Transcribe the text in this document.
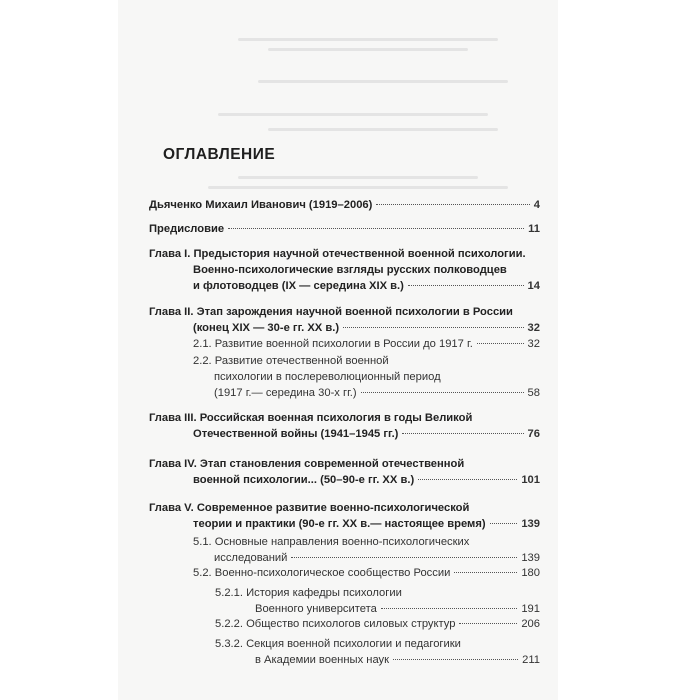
ОГЛАВЛЕНИЕ
Дьяченко Михаил Иванович (1919–2006)	4
Предисловие	11
Глава I. Предыстория научной отечественной военной психологии.
Военно-психологические взгляды русских полководцев
и флотоводцев (IX — середина XIX в.)	14
Глава II. Этап зарождения научной военной психологии в России
(конец XIX — 30-е гг. XX в.)	32
2.1. Развитие военной психологии в России до 1917 г.	32
2.2. Развитие отечественной военной
психологии в послереволюционный период
(1917 г.— середина 30-х гг.)	58
Глава III. Российская военная психология в годы Великой
Отечественной войны (1941–1945 гг.)	76
Глава IV. Этап становления современной отечественной
военной психологии... (50–90-е гг. XX в.)	101
Глава V. Современное развитие военно-психологической
теории и практики (90-е гг. XX в.— настоящее время)	139
5.1. Основные направления военно-психологических
исследований	139
5.2. Военно-психологическое сообщество России	180
5.2.1. История кафедры психологии
Военного университета	191
5.2.2. Общество психологов силовых структур	206
5.3.2. Секция военной психологии и педагогики
в Академии военных наук	211
